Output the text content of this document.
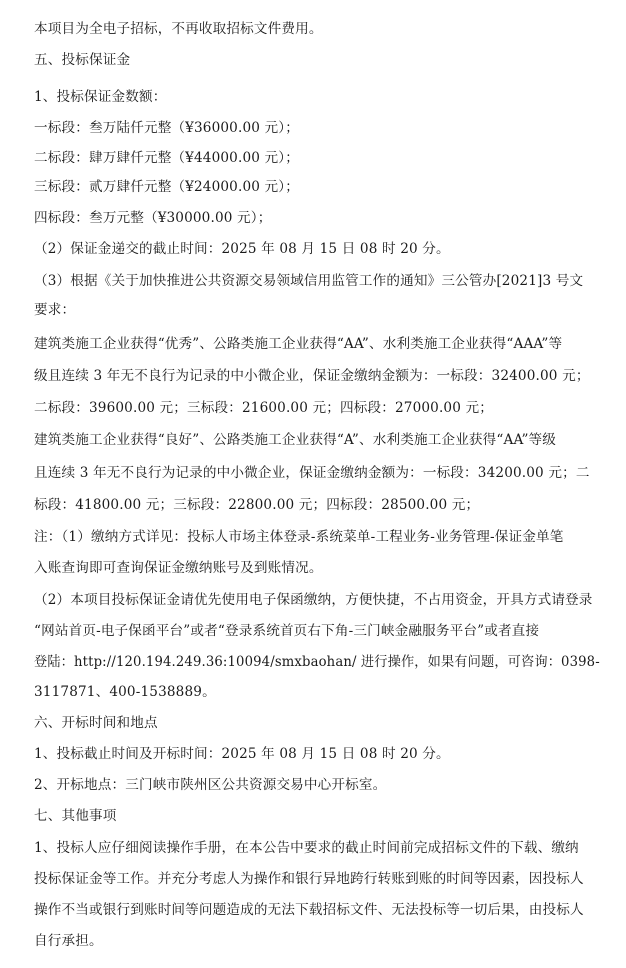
本项目为全电子招标，不再收取招标文件费用。
五、投标保证金
1、投标保证金数额：
一标段：叁万陆仟元整（¥36000.00 元）；
二标段：肆万肆仟元整（¥44000.00 元）；
三标段：贰万肆仟元整（¥24000.00 元）；
四标段：叁万元整（¥30000.00 元）；
（2）保证金递交的截止时间：2025 年 08 月 15 日 08 时 20 分。
（3）根据《关于加快推进公共资源交易领域信用监管工作的通知》三公管办[2021]3 号文
要求：
建筑类施工企业获得“优秀”、公路类施工企业获得“AA”、水利类施工企业获得“AAA”等
级且连续 3 年无不良行为记录的中小微企业，保证金缴纳金额为：一标段：32400.00 元；
二标段：39600.00 元；三标段：21600.00 元；四标段：27000.00 元；
建筑类施工企业获得“良好”、公路类施工企业获得“A”、水利类施工企业获得“AA”等级
且连续 3 年无不良行为记录的中小微企业，保证金缴纳金额为：一标段：34200.00 元；二
标段：41800.00 元；三标段：22800.00 元；四标段：28500.00 元；
注：（1）缴纳方式详见：投标人市场主体登录-系统菜单-工程业务-业务管理-保证金单笔
入账查询即可查询保证金缴纳账号及到账情况。
（2）本项目投标保证金请优先使用电子保函缴纳，方便快捷，不占用资金，开具方式请登录
“网站首页-电子保函平台”或者“登录系统首页右下角-三门峡金融服务平台”或者直接
登陆：http://120.194.249.36:10094/smxbaohan/ 进行操作，如果有问题，可咨询：0398-
3117871、400-1538889。
六、开标时间和地点
1、投标截止时间及开标时间：2025 年 08 月 15 日 08 时 20 分。
2、开标地点：三门峡市陕州区公共资源交易中心开标室。
七、其他事项
1、投标人应仔细阅读操作手册，在本公告中要求的截止时间前完成招标文件的下载、缴纳
投标保证金等工作。并充分考虑人为操作和银行异地跨行转账到账的时间等因素，因投标人
操作不当或银行到账时间等问题造成的无法下载招标文件、无法投标等一切后果，由投标人
自行承担。
